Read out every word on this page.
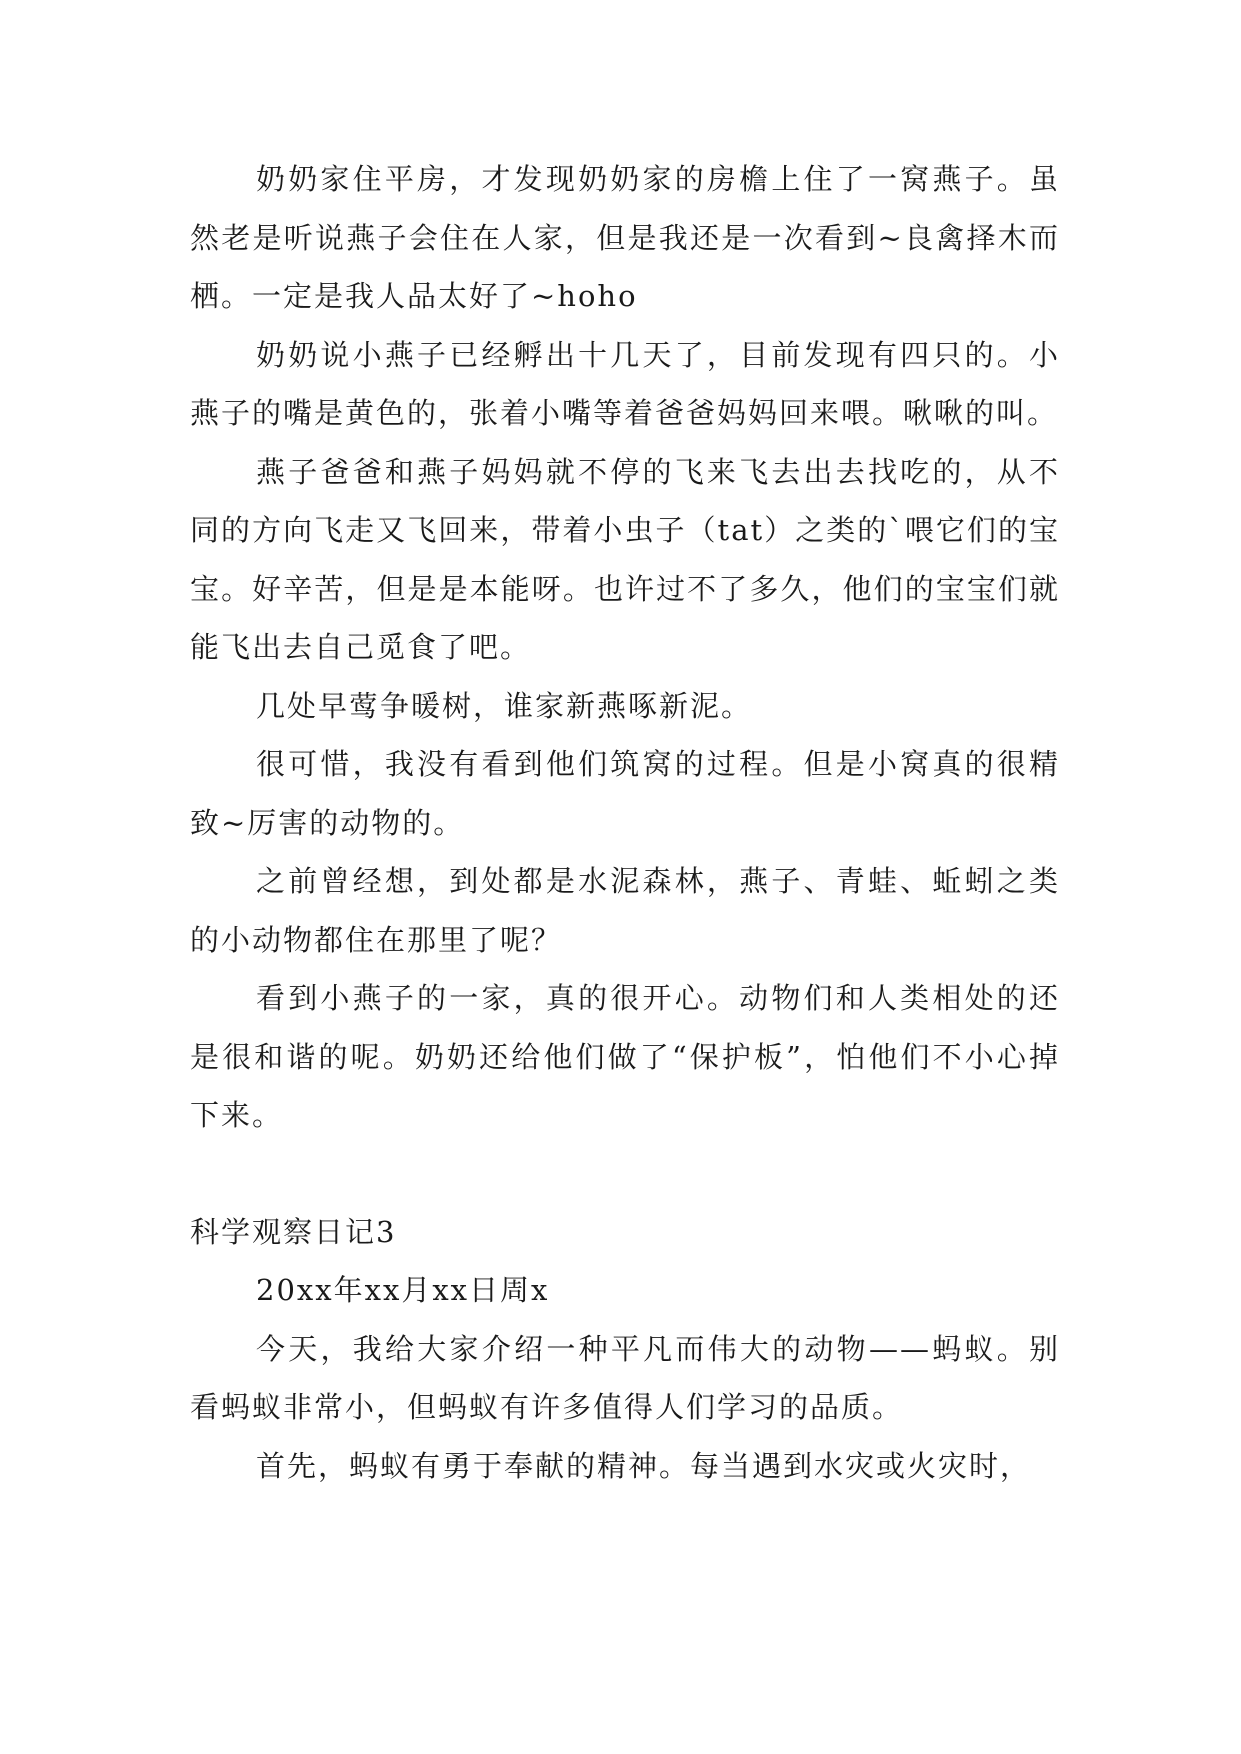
奶奶家住平房，才发现奶奶家的房檐上住了一窝燕子。虽然老是听说燕子会住在人家，但是我还是一次看到~良禽择木而栖。一定是我人品太好了~hoho

奶奶说小燕子已经孵出十几天了，目前发现有四只的。小燕子的嘴是黄色的，张着小嘴等着爸爸妈妈回来喂。啾啾的叫。

燕子爸爸和燕子妈妈就不停的飞来飞去出去找吃的，从不同的方向飞走又飞回来，带着小虫子（tat）之类的`喂它们的宝宝。好辛苦，但是是本能呀。也许过不了多久，他们的宝宝们就能飞出去自己觅食了吧。

几处早莺争暖树，谁家新燕啄新泥。

很可惜，我没有看到他们筑窝的过程。但是小窝真的很精致~厉害的动物的。

之前曾经想，到处都是水泥森林，燕子、青蛙、蚯蚓之类的小动物都住在那里了呢？

看到小燕子的一家，真的很开心。动物们和人类相处的还是很和谐的呢。奶奶还给他们做了“保护板”，怕他们不小心掉下来。

科学观察日记3

20xx年xx月xx日周x

今天，我给大家介绍一种平凡而伟大的动物——蚂蚁。别看蚂蚁非常小，但蚂蚁有许多值得人们学习的品质。

首先，蚂蚁有勇于奉献的精神。每当遇到水灾或火灾时，
